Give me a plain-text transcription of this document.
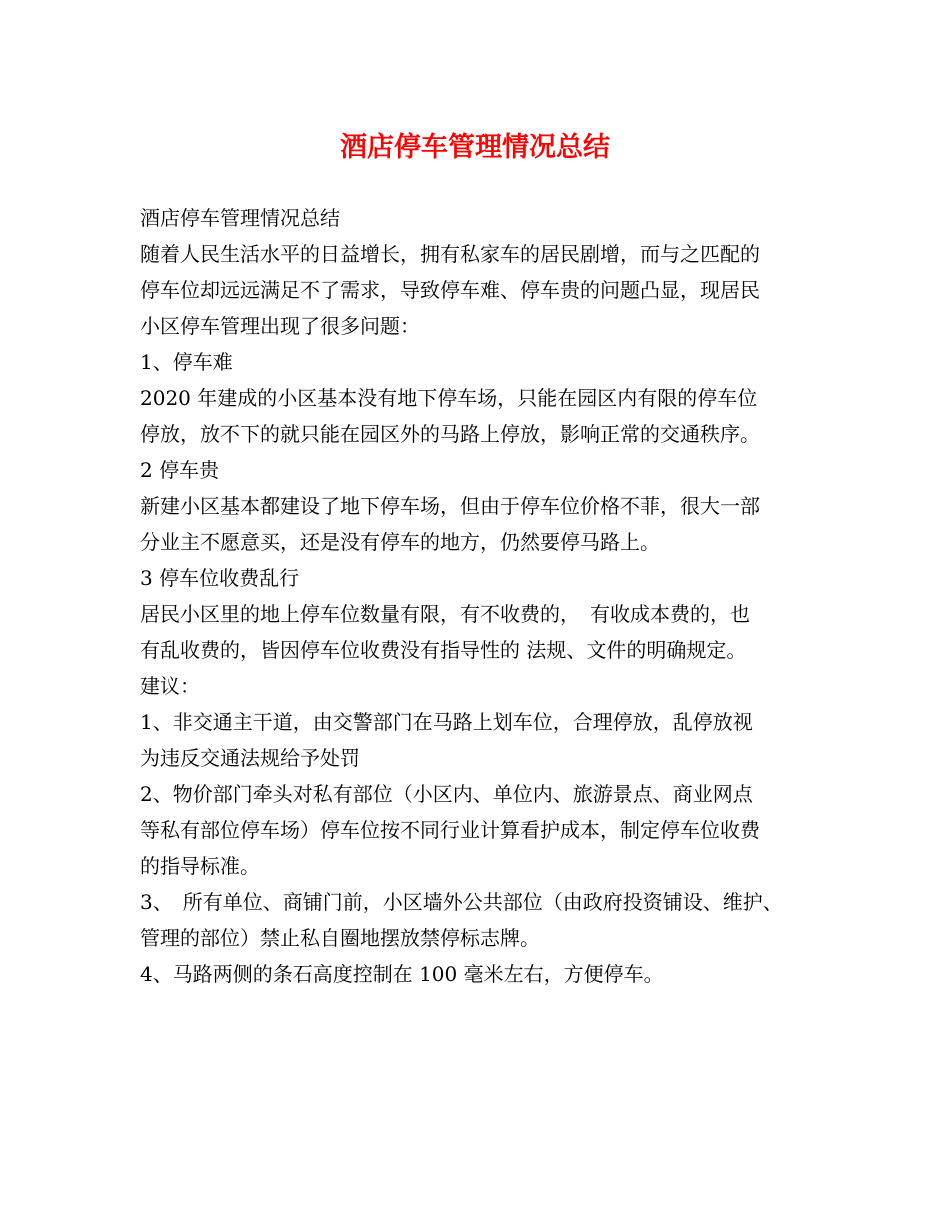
酒店停车管理情况总结
酒店停车管理情况总结
随着人民生活水平的日益增长，拥有私家车的居民剧增，而与之匹配的
停车位却远远满足不了需求，导致停车难、停车贵的问题凸显，现居民
小区停车管理出现了很多问题：
1、停车难
2020 年建成的小区基本没有地下停车场，只能在园区内有限的停车位
停放，放不下的就只能在园区外的马路上停放，影响正常的交通秩序。
2 停车贵
新建小区基本都建设了地下停车场，但由于停车位价格不菲，很大一部
分业主不愿意买，还是没有停车的地方，仍然要停马路上。
3 停车位收费乱行
居民小区里的地上停车位数量有限，有不收费的，　有收成本费的，也
有乱收费的，皆因停车位收费没有指导性的 法规、文件的明确规定。
建议：
1、非交通主干道，由交警部门在马路上划车位，合理停放，乱停放视
为违反交通法规给予处罚
2、物价部门牵头对私有部位（小区内、单位内、旅游景点、商业网点
等私有部位停车场）停车位按不同行业计算看护成本，制定停车位收费
的指导标准。
3、　所有单位、商铺门前，小区墙外公共部位（由政府投资铺设、维护、
管理的部位）禁止私自圈地摆放禁停标志牌。
4、马路两侧的条石高度控制在 100 毫米左右，方便停车。
